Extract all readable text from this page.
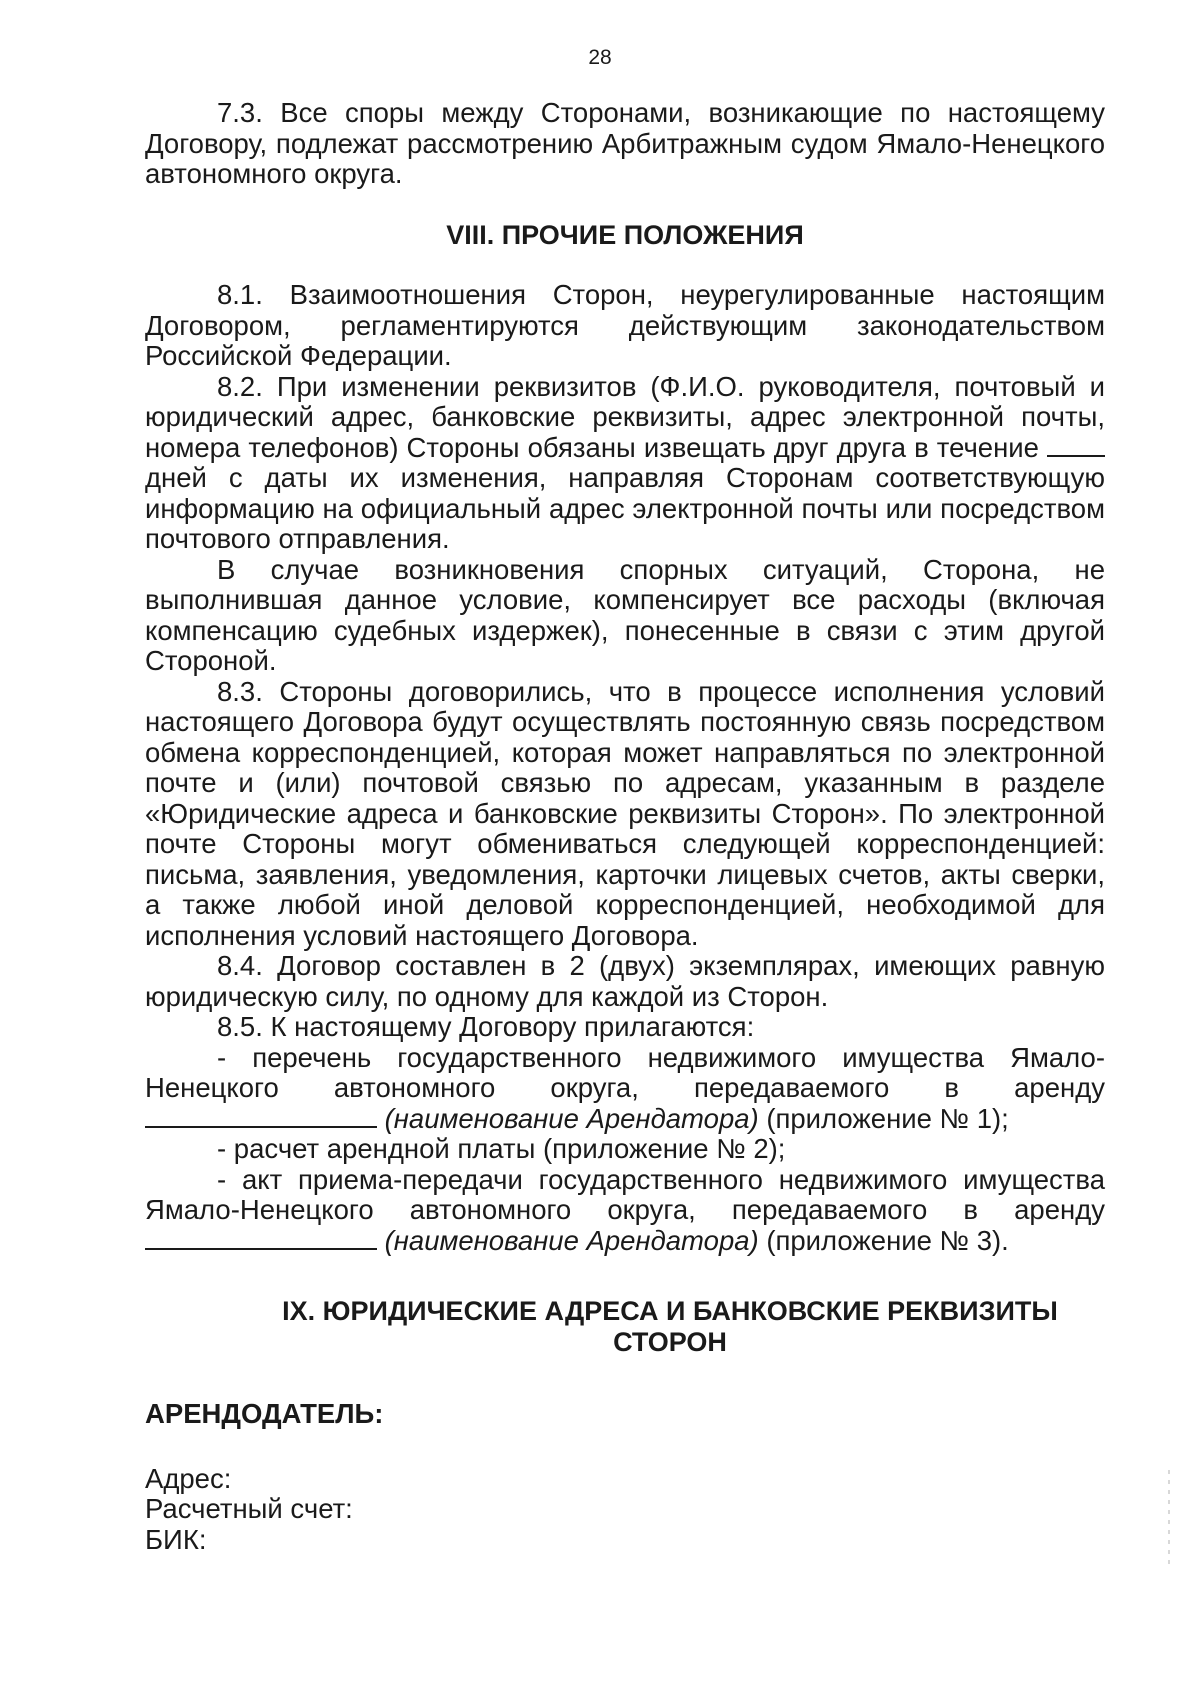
28

7.3. Все споры между Сторонами, возникающие по настоящему Договору, подлежат рассмотрению Арбитражным судом Ямало-Ненецкого автономного округа.

VIII. ПРОЧИЕ ПОЛОЖЕНИЯ

8.1. Взаимоотношения Сторон, неурегулированные настоящим Договором, регламентируются действующим законодательством Российской Федерации.

8.2. При изменении реквизитов (Ф.И.О. руководителя, почтовый и юридический адрес, банковские реквизиты, адрес электронной почты, номера телефонов) Стороны обязаны извещать друг друга в течение  дней с даты их изменения, направляя Сторонам соответствующую информацию на официальный адрес электронной почты или посредством почтового отправления.

В случае возникновения спорных ситуаций, Сторона, не выполнившая данное условие, компенсирует все расходы (включая компенсацию судебных издержек), понесенные в связи с этим другой Стороной.

8.3. Стороны договорились, что в процессе исполнения условий настоящего Договора будут осуществлять постоянную связь посредством обмена корреспонденцией, которая может направляться по электронной почте и (или) почтовой связью по адресам, указанным в разделе «Юридические адреса и банковские реквизиты Сторон». По электронной почте Стороны могут обмениваться следующей корреспонденцией: письма, заявления, уведомления, карточки лицевых счетов, акты сверки, а также любой иной деловой корреспонденцией, необходимой для исполнения условий настоящего Договора.

8.4. Договор составлен в 2 (двух) экземплярах, имеющих равную юридическую силу, по одному для каждой из Сторон.

8.5. К настоящему Договору прилагаются:

- перечень государственного недвижимого имущества Ямало-Ненецкого автономного округа, передаваемого в аренду  (наименование Арендатора) (приложение № 1);

- расчет арендной платы (приложение № 2);

- акт приема-передачи государственного недвижимого имущества Ямало-Ненецкого автономного округа, передаваемого в аренду  (наименование Арендатора) (приложение № 3).

IX. ЮРИДИЧЕСКИЕ АДРЕСА И БАНКОВСКИЕ РЕКВИЗИТЫ
СТОРОН

АРЕНДОДАТЕЛЬ:

Адрес:

Расчетный счет:

БИК:
